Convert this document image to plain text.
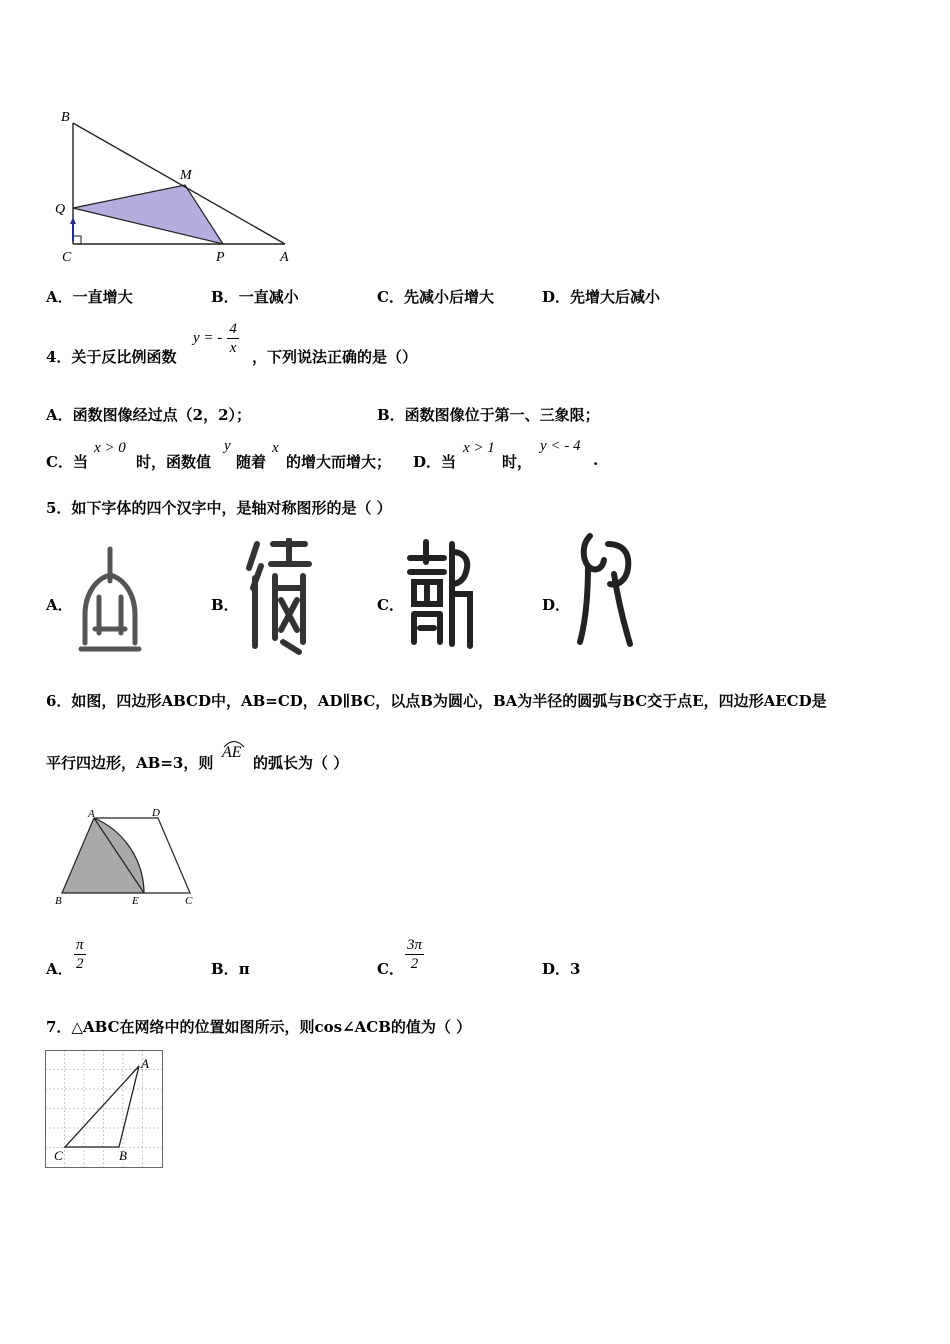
B
M
Q
C	P	A
A．一直增大	B．一直减小	C．先减小后增大	D．先增大后减小
4．关于反比例函数
y = - $\frac{4}{x}$ ，下列说法正确的是（）
A．函数图像经过点（2，2）；	B．函数图像位于第一、三象限；
C．当
x > 0
时，函数值
y
随着
x
的增大而增大； D．当
x > 1
时，
y < - 4
.
5．如下字体的四个汉字中，是轴对称图形的是（ ）
A．	B．	C．	D．
6．如图，四边形ABCD中，AB=CD，AD∥BC，以点B为圆心，BA为半径的圆弧与BC交于点E，四边形AECD是
平行四边形，AB=3，则
AE
的弧长为（ ）
A	D
B	E	C
A． $\frac{\pi}{2}$	B．π	C． $\frac{3\pi}{2}$	D．3
7．△ABC在网络中的位置如图所示，则cos∠ACB的值为（ ）
A
C	B
